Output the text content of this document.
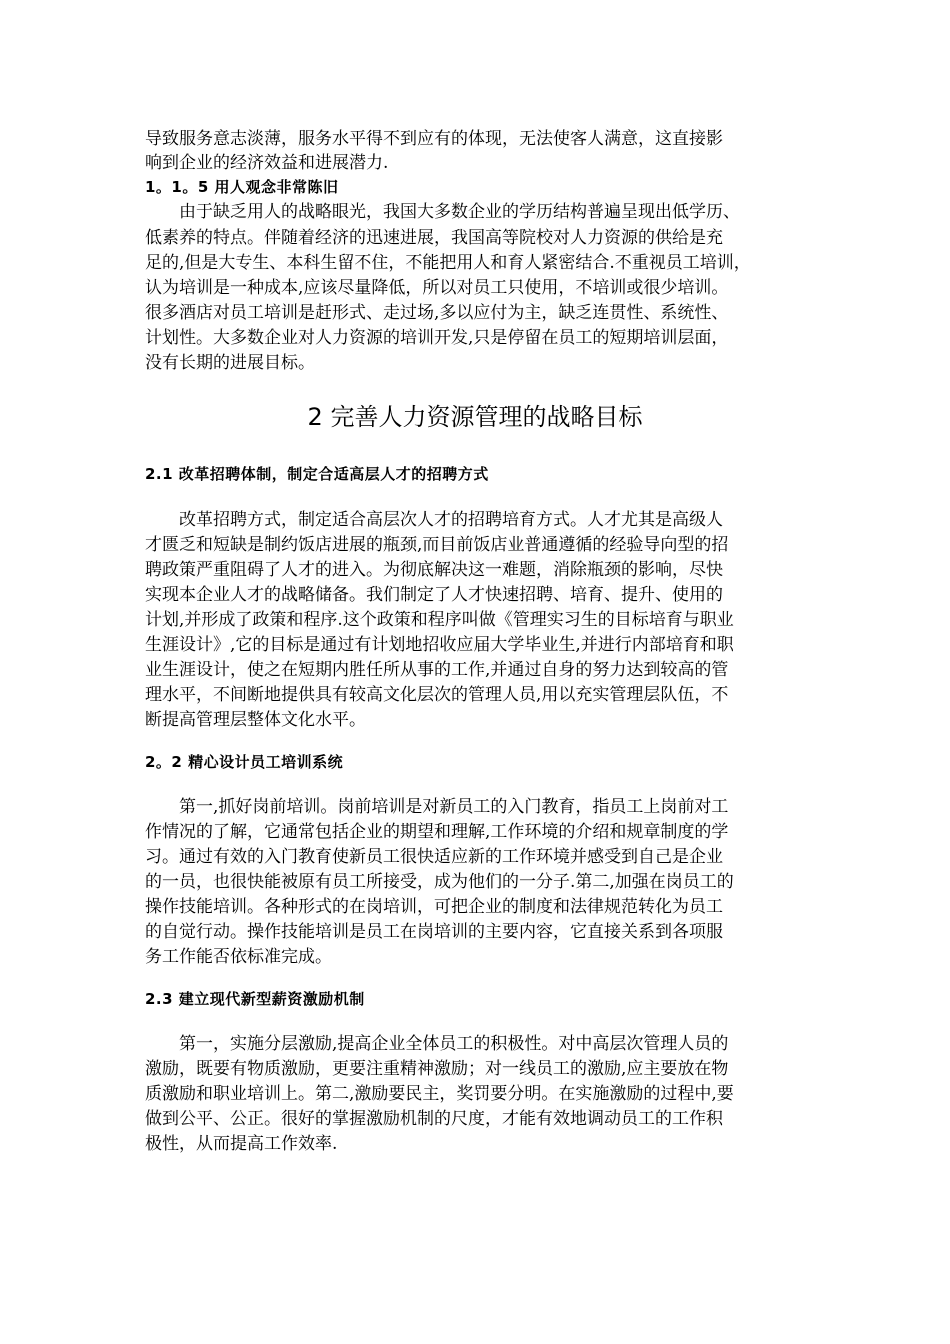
导致服务意志淡薄，服务水平得不到应有的体现，无法使客人满意，这直接影
响到企业的经济效益和进展潜力.
1。1。5 用人观念非常陈旧
由于缺乏用人的战略眼光，我国大多数企业的学历结构普遍呈现出低学历、
低素养的特点。伴随着经济的迅速进展，我国高等院校对人力资源的供给是充
足的,但是大专生、本科生留不住，不能把用人和育人紧密结合.不重视员工培训，
认为培训是一种成本,应该尽量降低，所以对员工只使用，不培训或很少培训。
很多酒店对员工培训是赶形式、走过场,多以应付为主，缺乏连贯性、系统性、
计划性。大多数企业对人力资源的培训开发,只是停留在员工的短期培训层面，
没有长期的进展目标。
2 完善人力资源管理的战略目标
2.1 改革招聘体制，制定合适高层人才的招聘方式
改革招聘方式，制定适合高层次人才的招聘培育方式。人才尤其是高级人
才匮乏和短缺是制约饭店进展的瓶颈,而目前饭店业普通遵循的经验导向型的招
聘政策严重阻碍了人才的进入。为彻底解决这一难题，消除瓶颈的影响，尽快
实现本企业人才的战略储备。我们制定了人才快速招聘、培育、提升、使用的
计划,并形成了政策和程序.这个政策和程序叫做《管理实习生的目标培育与职业
生涯设计》,它的目标是通过有计划地招收应届大学毕业生,并进行内部培育和职
业生涯设计，使之在短期内胜任所从事的工作,并通过自身的努力达到较高的管
理水平，不间断地提供具有较高文化层次的管理人员,用以充实管理层队伍，不
断提高管理层整体文化水平。
2。2 精心设计员工培训系统
第一,抓好岗前培训。岗前培训是对新员工的入门教育，指员工上岗前对工
作情况的了解，它通常包括企业的期望和理解,工作环境的介绍和规章制度的学
习。通过有效的入门教育使新员工很快适应新的工作环境并感受到自己是企业
的一员，也很快能被原有员工所接受，成为他们的一分子.第二,加强在岗员工的
操作技能培训。各种形式的在岗培训，可把企业的制度和法律规范转化为员工
的自觉行动。操作技能培训是员工在岗培训的主要内容，它直接关系到各项服
务工作能否依标准完成。
2.3 建立现代新型薪资激励机制
第一，实施分层激励,提高企业全体员工的积极性。对中高层次管理人员的
激励，既要有物质激励，更要注重精神激励；对一线员工的激励,应主要放在物
质激励和职业培训上。第二,激励要民主，奖罚要分明。在实施激励的过程中,要
做到公平、公正。很好的掌握激励机制的尺度，才能有效地调动员工的工作积
极性，从而提高工作效率.
